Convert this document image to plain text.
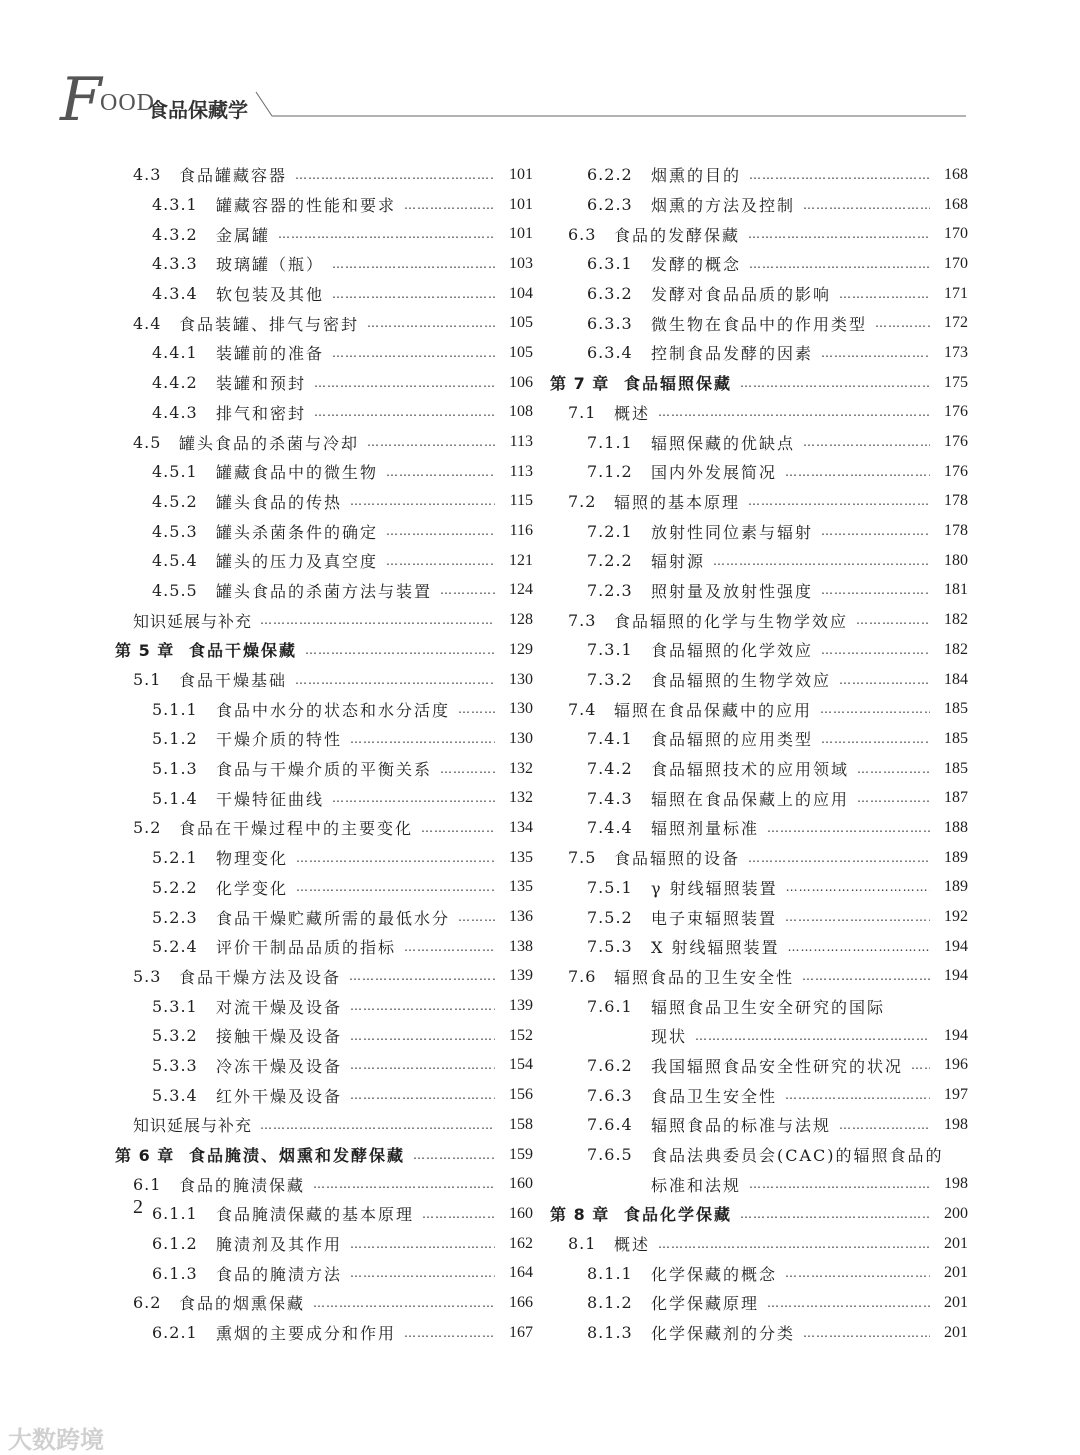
F
OOD
食品保藏学
4.3	食品罐藏容器 ……………………………………………………………………………………………………………………	101
4.3.1	罐藏容器的性能和要求 ……………………………………………………………………………………………………………………	101
4.3.2	金属罐 ……………………………………………………………………………………………………………………	101
4.3.3	玻璃罐（瓶） ……………………………………………………………………………………………………………………	103
4.3.4	软包装及其他 ……………………………………………………………………………………………………………………	104
4.4	食品装罐、排气与密封 ……………………………………………………………………………………………………………………	105
4.4.1	装罐前的准备 ……………………………………………………………………………………………………………………	105
4.4.2	装罐和预封 ……………………………………………………………………………………………………………………	106
4.4.3	排气和密封 ……………………………………………………………………………………………………………………	108
4.5	罐头食品的杀菌与冷却 ……………………………………………………………………………………………………………………	113
4.5.1	罐藏食品中的微生物 ……………………………………………………………………………………………………………………	113
4.5.2	罐头食品的传热 ……………………………………………………………………………………………………………………	115
4.5.3	罐头杀菌条件的确定 ……………………………………………………………………………………………………………………	116
4.5.4	罐头的压力及真空度 ……………………………………………………………………………………………………………………	121
4.5.5	罐头食品的杀菌方法与装置 ……………………………………………………………………………………………………………………	124
知识延展与补充 ……………………………………………………………………………………………………………………	128
第 5 章 食品干燥保藏 ……………………………………………………………………………………………………………………	129
5.1	食品干燥基础 ……………………………………………………………………………………………………………………	130
5.1.1	食品中水分的状态和水分活度 ……………………………………………………………………………………………………………………	130
5.1.2	干燥介质的特性 ……………………………………………………………………………………………………………………	130
5.1.3	食品与干燥介质的平衡关系 ……………………………………………………………………………………………………………………	132
5.1.4	干燥特征曲线 ……………………………………………………………………………………………………………………	132
5.2	食品在干燥过程中的主要变化 ……………………………………………………………………………………………………………………	134
5.2.1	物理变化 ……………………………………………………………………………………………………………………	135
5.2.2	化学变化 ……………………………………………………………………………………………………………………	135
5.2.3	食品干燥贮藏所需的最低水分 ……………………………………………………………………………………………………………………	136
5.2.4	评价干制品品质的指标 ……………………………………………………………………………………………………………………	138
5.3	食品干燥方法及设备 ……………………………………………………………………………………………………………………	139
5.3.1	对流干燥及设备 ……………………………………………………………………………………………………………………	139
5.3.2	接触干燥及设备 ……………………………………………………………………………………………………………………	152
5.3.3	冷冻干燥及设备 ……………………………………………………………………………………………………………………	154
5.3.4	红外干燥及设备 ……………………………………………………………………………………………………………………	156
知识延展与补充 ……………………………………………………………………………………………………………………	158
第 6 章 食品腌渍、烟熏和发酵保藏 ……………………………………………………………………………………………………………………	159
6.1	食品的腌渍保藏 ……………………………………………………………………………………………………………………	160
6.1.1	食品腌渍保藏的基本原理 ……………………………………………………………………………………………………………………	160
6.1.2	腌渍剂及其作用 ……………………………………………………………………………………………………………………	162
6.1.3	食品的腌渍方法 ……………………………………………………………………………………………………………………	164
6.2	食品的烟熏保藏 ……………………………………………………………………………………………………………………	166
6.2.1	熏烟的主要成分和作用 ……………………………………………………………………………………………………………………	167
6.2.2	烟熏的目的 ……………………………………………………………………………………………………………………	168
6.2.3	烟熏的方法及控制 ……………………………………………………………………………………………………………………	168
6.3	食品的发酵保藏 ……………………………………………………………………………………………………………………	170
6.3.1	发酵的概念 ……………………………………………………………………………………………………………………	170
6.3.2	发酵对食品品质的影响 ……………………………………………………………………………………………………………………	171
6.3.3	微生物在食品中的作用类型 ……………………………………………………………………………………………………………………	172
6.3.4	控制食品发酵的因素 ……………………………………………………………………………………………………………………	173
第 7 章 食品辐照保藏 ……………………………………………………………………………………………………………………	175
7.1	概述 ……………………………………………………………………………………………………………………	176
7.1.1	辐照保藏的优缺点 ……………………………………………………………………………………………………………………	176
7.1.2	国内外发展简况 ……………………………………………………………………………………………………………………	176
7.2	辐照的基本原理 ……………………………………………………………………………………………………………………	178
7.2.1	放射性同位素与辐射 ……………………………………………………………………………………………………………………	178
7.2.2	辐射源 ……………………………………………………………………………………………………………………	180
7.2.3	照射量及放射性强度 ……………………………………………………………………………………………………………………	181
7.3	食品辐照的化学与生物学效应 ……………………………………………………………………………………………………………………	182
7.3.1	食品辐照的化学效应 ……………………………………………………………………………………………………………………	182
7.3.2	食品辐照的生物学效应 ……………………………………………………………………………………………………………………	184
7.4	辐照在食品保藏中的应用 ……………………………………………………………………………………………………………………	185
7.4.1	食品辐照的应用类型 ……………………………………………………………………………………………………………………	185
7.4.2	食品辐照技术的应用领域 ……………………………………………………………………………………………………………………	185
7.4.3	辐照在食品保藏上的应用 ……………………………………………………………………………………………………………………	187
7.4.4	辐照剂量标准 ……………………………………………………………………………………………………………………	188
7.5	食品辐照的设备 ……………………………………………………………………………………………………………………	189
7.5.1	γ 射线辐照装置 ……………………………………………………………………………………………………………………	189
7.5.2	电子束辐照装置 ……………………………………………………………………………………………………………………	192
7.5.3	X 射线辐照装置 ……………………………………………………………………………………………………………………	194
7.6	辐照食品的卫生安全性 ……………………………………………………………………………………………………………………	194
7.6.1	辐照食品卫生安全研究的国际
现状 ……………………………………………………………………………………………………………………	194
7.6.2	我国辐照食品安全性研究的状况 ……………………………………………………………………………………………………………………	196
7.6.3	食品卫生安全性 ……………………………………………………………………………………………………………………	197
7.6.4	辐照食品的标准与法规 ……………………………………………………………………………………………………………………	198
7.6.5	食品法典委员会(CAC)的辐照食品的
标准和法规 ……………………………………………………………………………………………………………………	198
第 8 章 食品化学保藏 ……………………………………………………………………………………………………………………	200
8.1	概述 ……………………………………………………………………………………………………………………	201
8.1.1	化学保藏的概念 ……………………………………………………………………………………………………………………	201
8.1.2	化学保藏原理 ……………………………………………………………………………………………………………………	201
8.1.3	化学保藏剂的分类 ……………………………………………………………………………………………………………………	201
2
大数跨境
